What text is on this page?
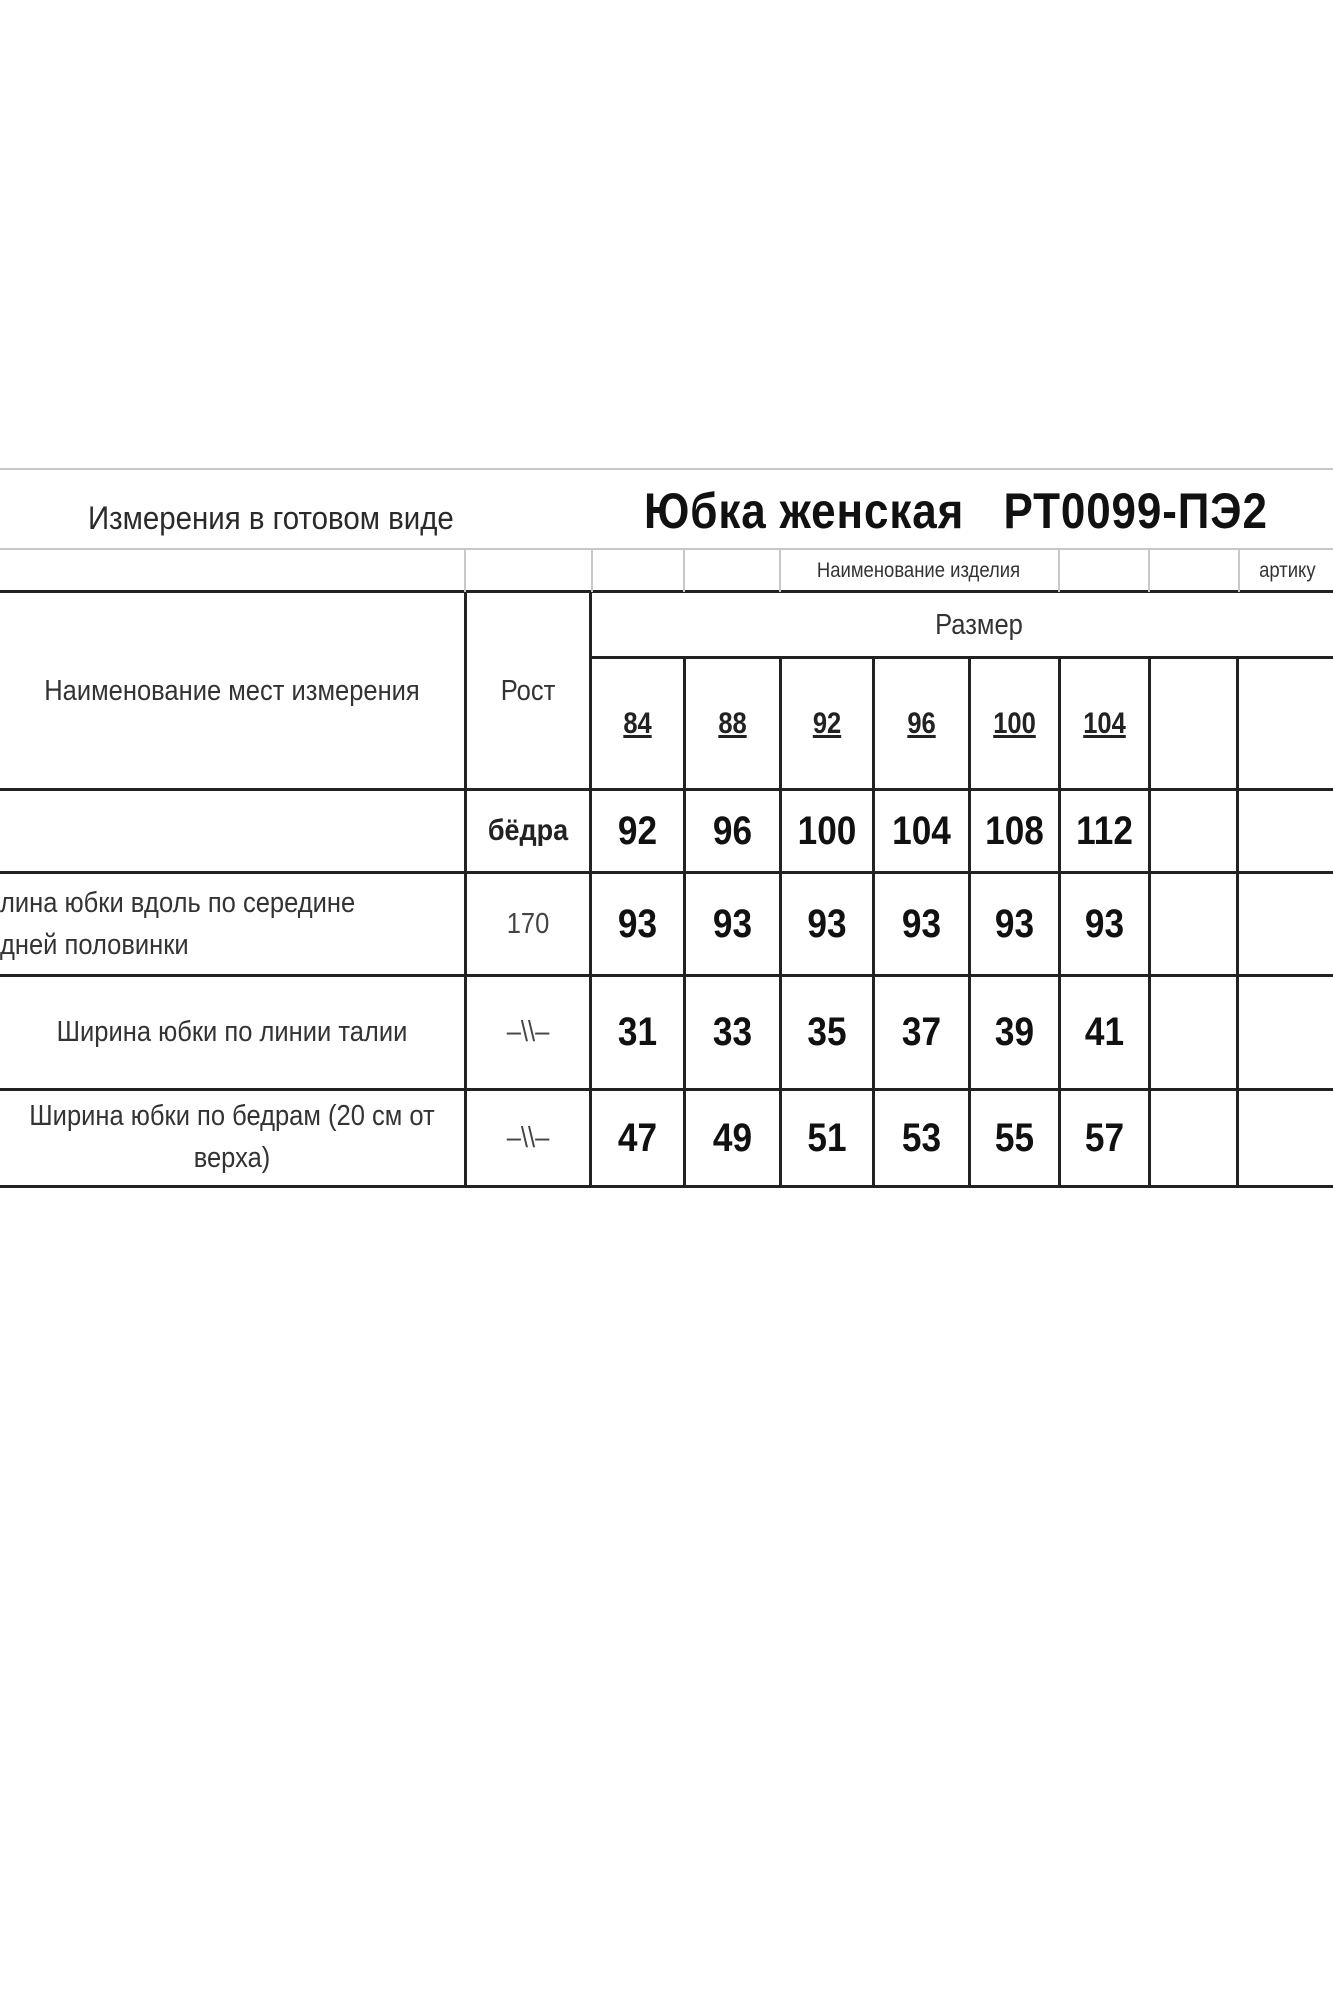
Измерения в готовом виде	Юбка женская   РТ0099-ПЭ2
Наименование изделия	артику
Наименование мест измерения	Рост
Размер
84	88	92	96	100	104
бёдра	92	96	100 104 108 112
лина юбки вдоль по середине
дней половинки
170	93	93	93	93	93	93
Ширина юбки по линии талии	–\\–	31	33	35	37	39	41
Ширина юбки по бедрам (20 см от
верха)
–\\–	47	49	51	53	55	57
